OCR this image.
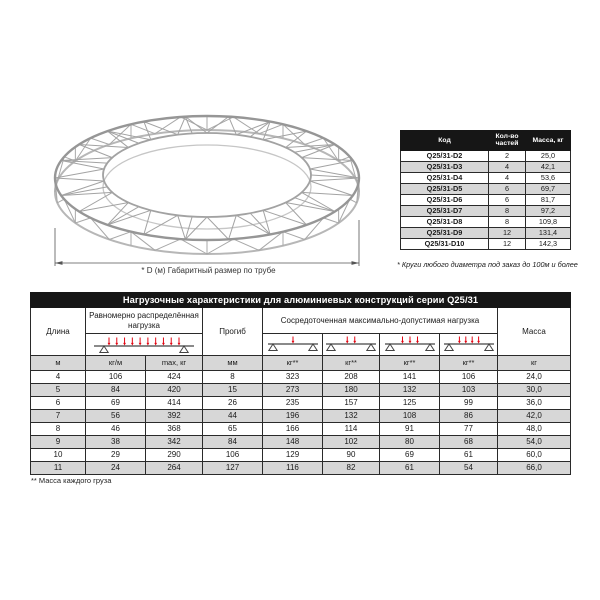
* D (м) Габаритный размер по трубе
Код	Кол-во частей	Масса, кг
Q25/31-D2	2	25,0
Q25/31-D3	4	42,1
Q25/31-D4	4	53,6
Q25/31-D5	6	69,7
Q25/31-D6	6	81,7
Q25/31-D7	8	97,2
Q25/31-D8	8	109,8
Q25/31-D9	12	131,4
Q25/31-D10	12	142,3
* Круги любого диаметра под заказ до 100м и более
Нагрузочные характеристики для алюминиевых конструкций серии Q25/31								
Длина	Равномерно распределённая нагрузка		Прогиб	Сосредоточенная максимально-допустимая нагрузка				Масса

м	кг/м	max, кг	мм	кг**	кг**	кг**	кг**	кг
4	106	424	8	323	208	141	106	24,0
5	84	420	15	273	180	132	103	30,0
6	69	414	26	235	157	125	99	36,0
7	56	392	44	196	132	108	86	42,0
8	46	368	65	166	114	91	77	48,0
9	38	342	84	148	102	80	68	54,0
10	29	290	106	129	90	69	61	60,0
11	24	264	127	116	82	61	54	66,0
** Масса каждого груза
